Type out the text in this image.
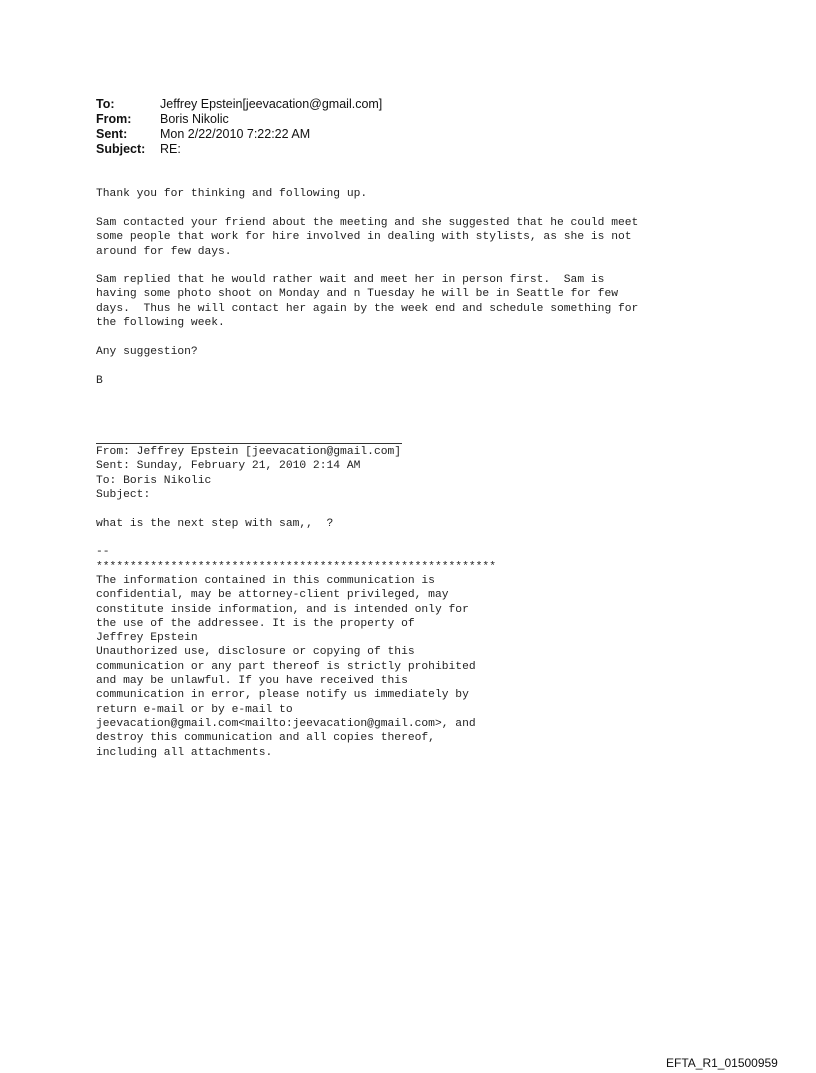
To:	Jeffrey Epstein[jeevacation@gmail.com]
From:	Boris Nikolic
Sent:	Mon 2/22/2010 7:22:22 AM
Subject:	RE:
Thank you for thinking and following up.
Sam contacted your friend about the meeting and she suggested that he could meet
some people that work for hire involved in dealing with stylists, as she is not
around for few days.
Sam replied that he would rather wait and meet her in person first.  Sam is
having some photo shoot on Monday and n Tuesday he will be in Seattle for few
days.  Thus he will contact her again by the week end and schedule something for
the following week.
Any suggestion?
B
From: Jeffrey Epstein [jeevacation@gmail.com]
Sent: Sunday, February 21, 2010 2:14 AM
To: Boris Nikolic
Subject:
what is the next step with sam,,  ?
--
***********************************************************
The information contained in this communication is
confidential, may be attorney-client privileged, may
constitute inside information, and is intended only for
the use of the addressee. It is the property of
Jeffrey Epstein
Unauthorized use, disclosure or copying of this
communication or any part thereof is strictly prohibited
and may be unlawful. If you have received this
communication in error, please notify us immediately by
return e-mail or by e-mail to
jeevacation@gmail.com<mailto:jeevacation@gmail.com>, and
destroy this communication and all copies thereof,
including all attachments.
EFTA_R1_01500959
